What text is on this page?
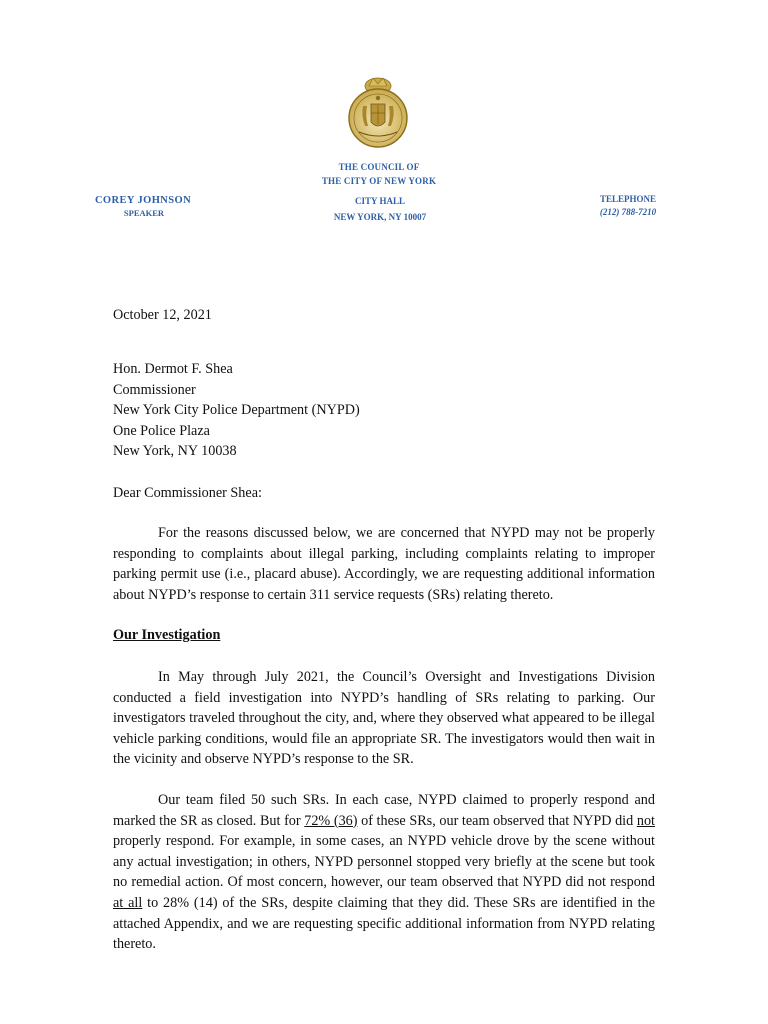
THE COUNCIL OF
THE CITY OF NEW YORK
CITY HALL
NEW YORK, NY 10007
COREY JOHNSON
SPEAKER
TELEPHONE
(212) 788-7210
October 12, 2021
Hon. Dermot F. Shea
Commissioner
New York City Police Department (NYPD)
One Police Plaza
New York, NY 10038
Dear Commissioner Shea:

For the reasons discussed below, we are concerned that NYPD may not be properly responding to complaints about illegal parking, including complaints relating to improper parking permit use (i.e., placard abuse). Accordingly, we are requesting additional information about NYPD’s response to certain 311 service requests (SRs) relating thereto.

Our Investigation

In May through July 2021, the Council’s Oversight and Investigations Division conducted a field investigation into NYPD’s handling of SRs relating to parking. Our investigators traveled throughout the city, and, where they observed what appeared to be illegal vehicle parking conditions, would file an appropriate SR. The investigators would then wait in the vicinity and observe NYPD’s response to the SR.

Our team filed 50 such SRs. In each case, NYPD claimed to properly respond and marked the SR as closed. But for 72% (36) of these SRs, our team observed that NYPD did not properly respond. For example, in some cases, an NYPD vehicle drove by the scene without any actual investigation; in others, NYPD personnel stopped very briefly at the scene but took no remedial action. Of most concern, however, our team observed that NYPD did not respond at all to 28% (14) of the SRs, despite claiming that they did. These SRs are identified in the attached Appendix, and we are requesting specific additional information from NYPD relating thereto.
